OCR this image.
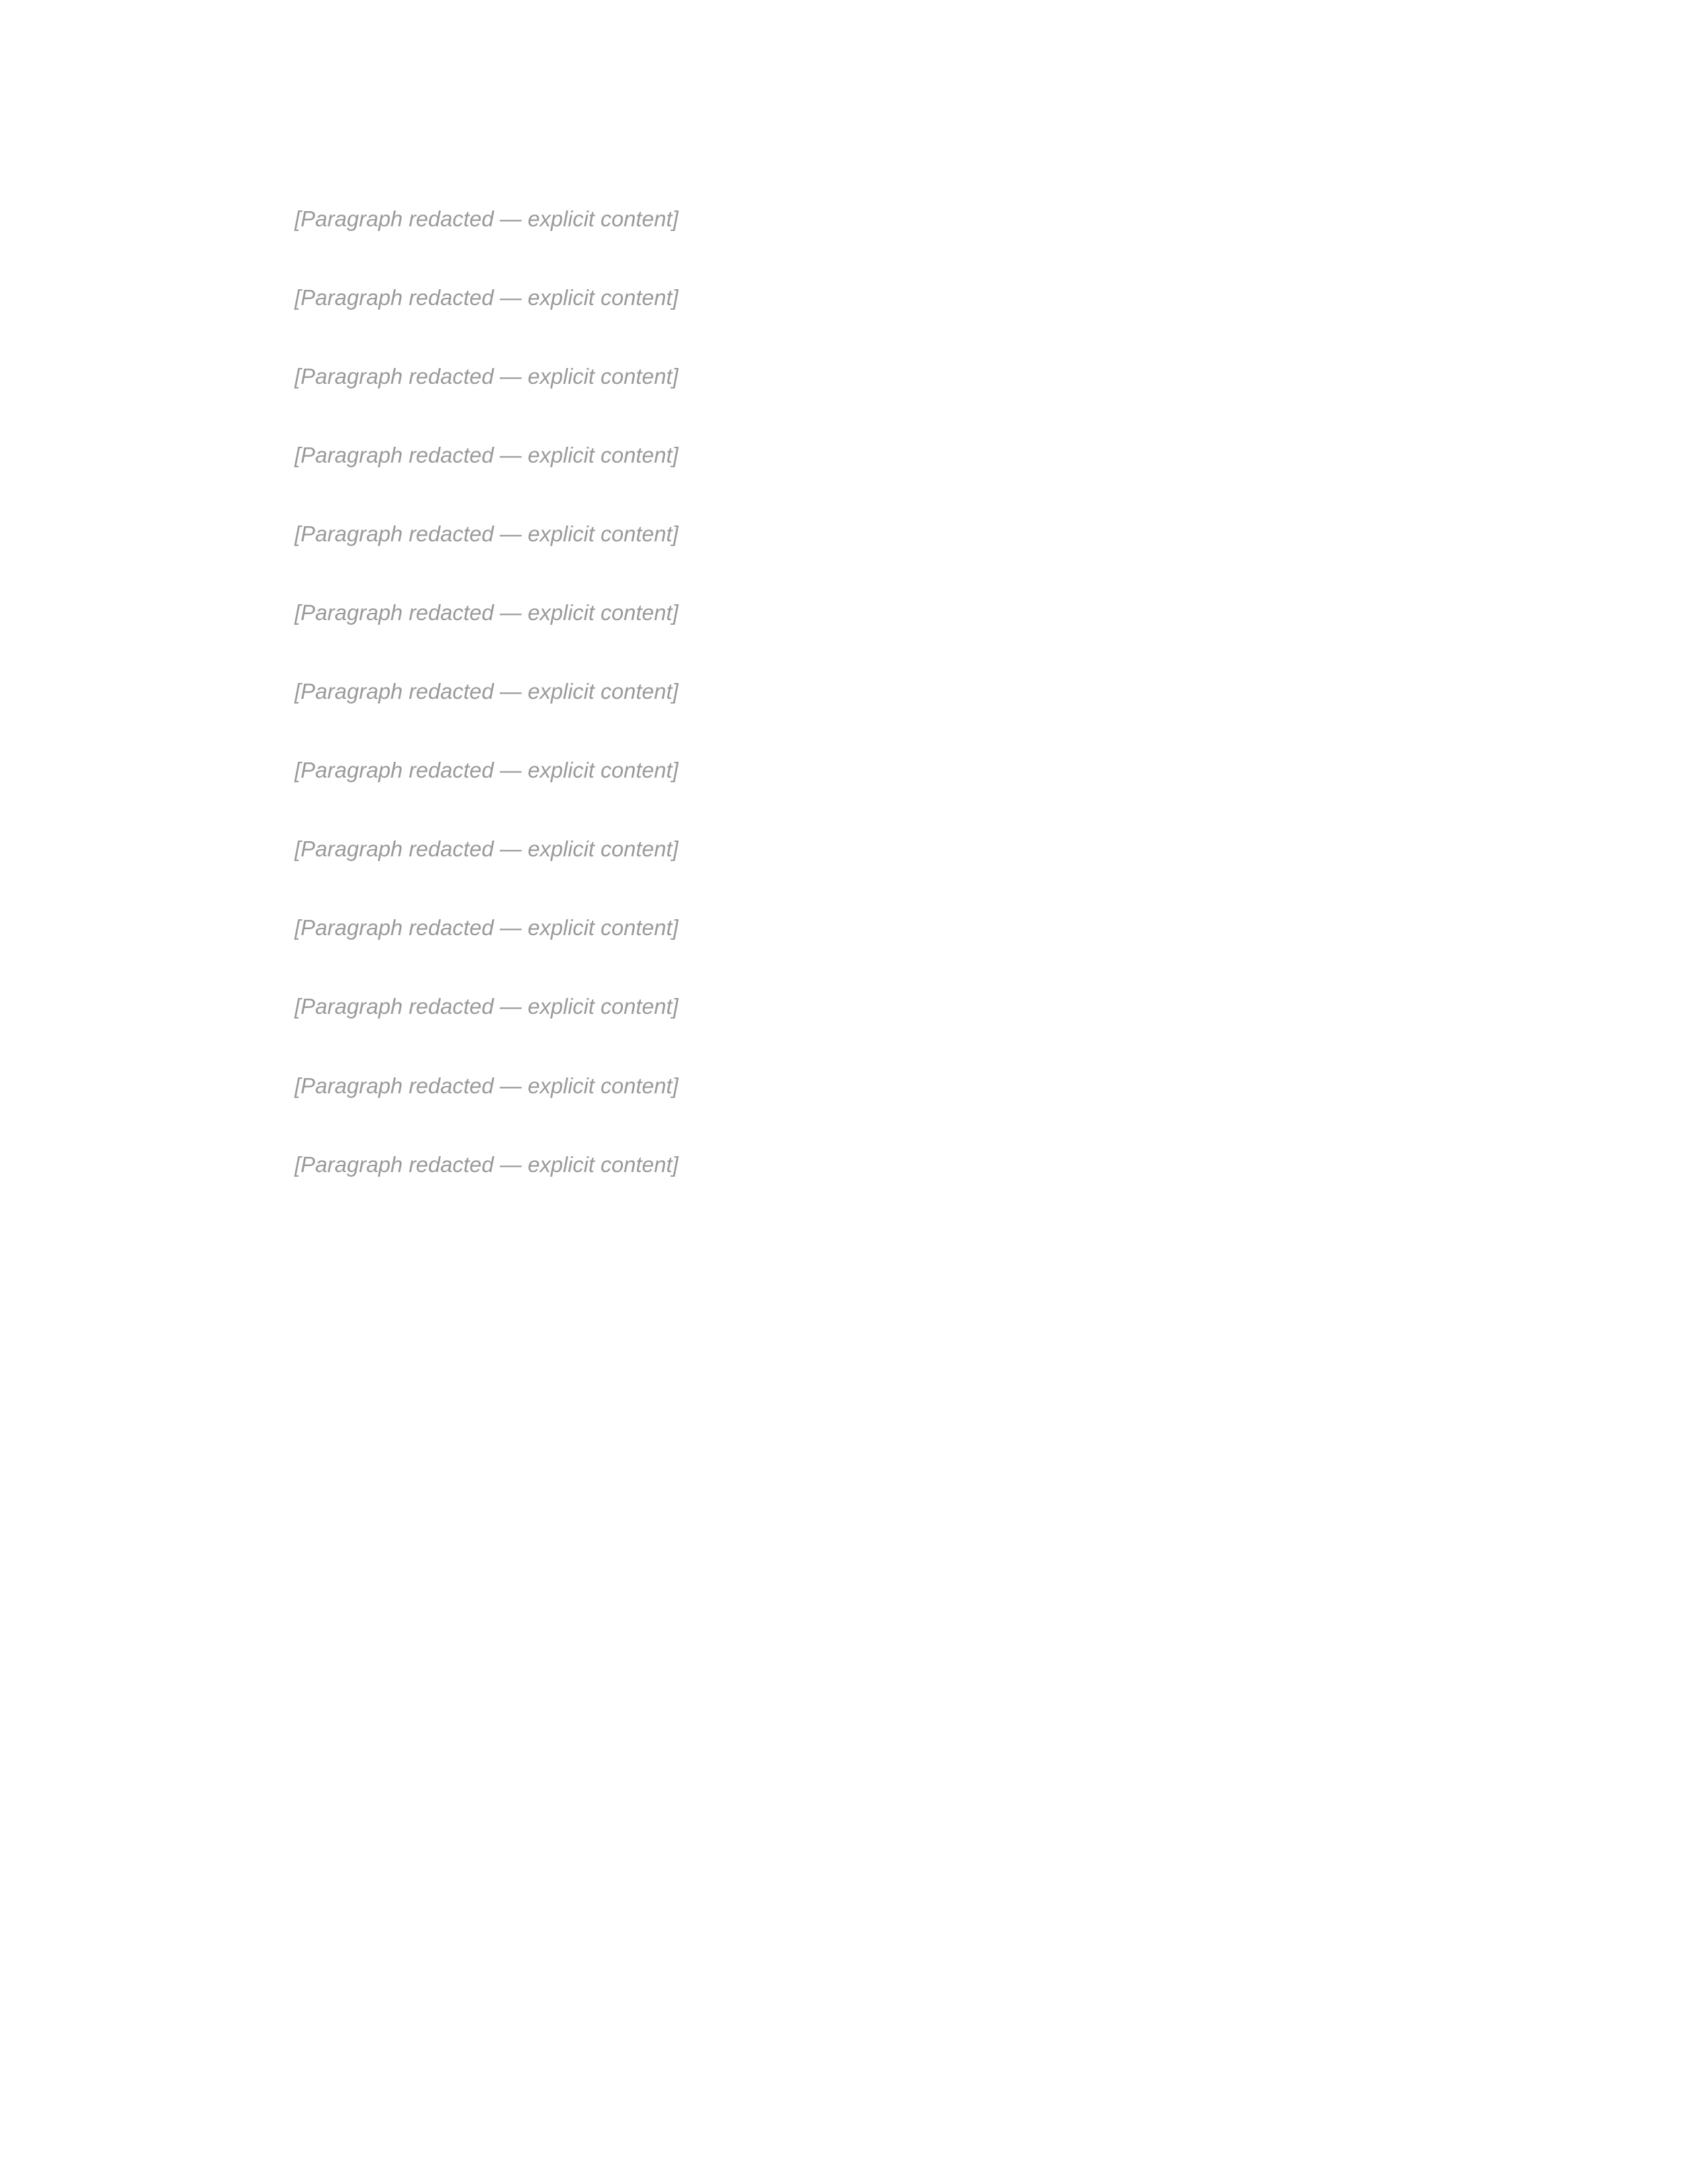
[Paragraph redacted — explicit content]

[Paragraph redacted — explicit content]

[Paragraph redacted — explicit content]

[Paragraph redacted — explicit content]

[Paragraph redacted — explicit content]

[Paragraph redacted — explicit content]

[Paragraph redacted — explicit content]

[Paragraph redacted — explicit content]

[Paragraph redacted — explicit content]

[Paragraph redacted — explicit content]

[Paragraph redacted — explicit content]

[Paragraph redacted — explicit content]

[Paragraph redacted — explicit content]
